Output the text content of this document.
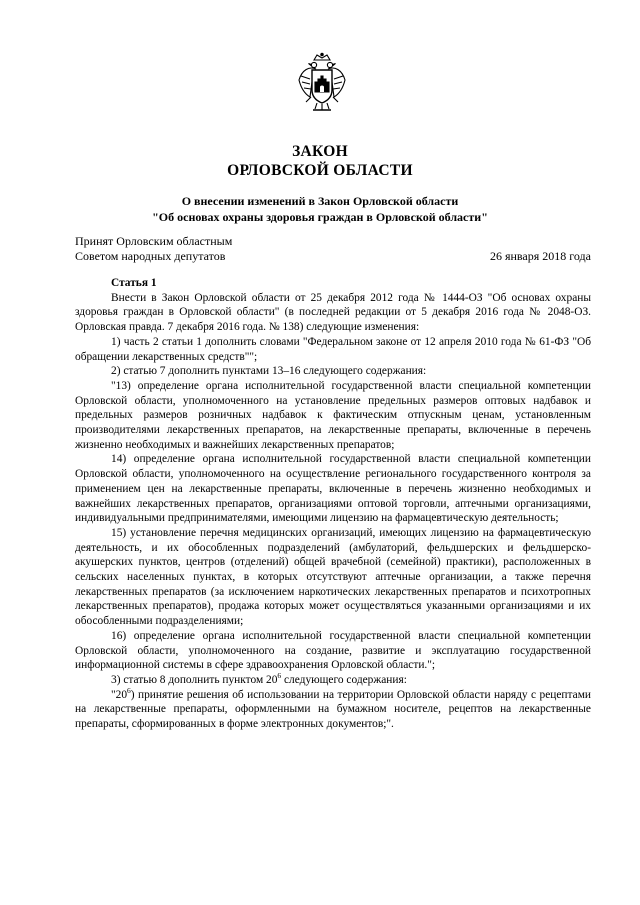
ЗАКОН
ОРЛОВСКОЙ ОБЛАСТИ
О внесении изменений в Закон Орловской области
"Об основах охраны здоровья граждан в Орловской области"
Принят Орловским областным
Советом народных депутатов	26 января 2018 года

Статья 1

Внести в Закон Орловской области от 25 декабря 2012 года № 1444-ОЗ "Об основах охраны здоровья граждан в Орловской области" (в последней редакции от 5 декабря 2016 года № 2048-ОЗ. Орловская правда. 7 декабря 2016 года. № 138) следующие изменения:

1) часть 2 статьи 1 дополнить словами "Федеральном законе от 12 апреля 2010 года № 61-ФЗ "Об обращении лекарственных средств"";

2) статью 7 дополнить пунктами 13–16 следующего содержания:

"13) определение органа исполнительной государственной власти специальной компетенции Орловской области, уполномоченного на установление предельных размеров оптовых надбавок и предельных размеров розничных надбавок к фактическим отпускным ценам, установленным производителями лекарственных препаратов, на лекарственные препараты, включенные в перечень жизненно необходимых и важнейших лекарственных препаратов;

14) определение органа исполнительной государственной власти специальной компетенции Орловской области, уполномоченного на осуществление регионального государственного контроля за применением цен на лекарственные препараты, включенные в перечень жизненно необходимых и важнейших лекарственных препаратов, организациями оптовой торговли, аптечными организациями, индивидуальными предпринимателями, имеющими лицензию на фармацевтическую деятельность;

15) установление перечня медицинских организаций, имеющих лицензию на фармацевтическую деятельность, и их обособленных подразделений (амбулаторий, фельдшерских и фельдшерско-акушерских пунктов, центров (отделений) общей врачебной (семейной) практики), расположенных в сельских населенных пунктах, в которых отсутствуют аптечные организации, а также перечня лекарственных препаратов (за исключением наркотических лекарственных препаратов и психотропных лекарственных препаратов), продажа которых может осуществляться указанными организациями и их обособленными подразделениями;

16) определение органа исполнительной государственной власти специальной компетенции Орловской области, уполномоченного на создание, развитие и эксплуатацию государственной информационной системы в сфере здравоохранения Орловской области.";

3) статью 8 дополнить пунктом $20^6$ следующего содержания:

"$20^6$) принятие решения об использовании на территории Орловской области наряду с рецептами на лекарственные препараты, оформленными на бумажном носителе, рецептов на лекарственные препараты, сформированных в форме электронных документов;".
